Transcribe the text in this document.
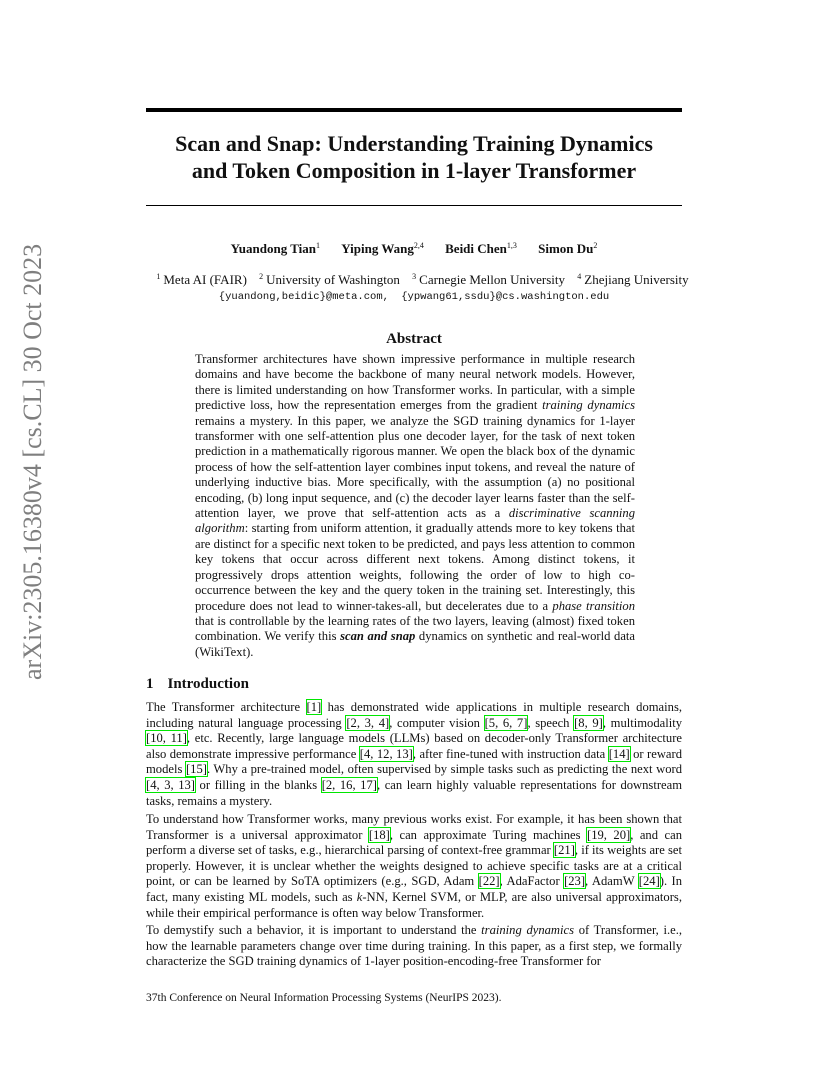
arXiv:2305.16380v4 [cs.CL] 30 Oct 2023
Scan and Snap: Understanding Training Dynamics
and Token Composition in 1-layer Transformer
Yuandong Tian$^1$ Yiping Wang$^{2,4}$ Beidi Chen$^{1,3}$ Simon Du$^2$
$^1$ Meta AI (FAIR) $^2$ University of Washington $^3$ Carnegie Mellon University $^4$ Zhejiang University
{yuandong,beidic}@meta.com, {ypwang61,ssdu}@cs.washington.edu
Abstract
Transformer architectures have shown impressive performance in multiple research domains and have become the backbone of many neural network models. However, there is limited understanding on how Transformer works. In particular, with a simple predictive loss, how the representation emerges from the gradient training dynamics remains a mystery. In this paper, we analyze the SGD training dynamics for 1-layer transformer with one self-attention plus one decoder layer, for the task of next token prediction in a mathematically rigorous manner. We open the black box of the dynamic process of how the self-attention layer combines input tokens, and reveal the nature of underlying inductive bias. More specifically, with the assumption (a) no positional encoding, (b) long input sequence, and (c) the decoder layer learns faster than the self-attention layer, we prove that self-attention acts as a discriminative scanning algorithm: starting from uniform attention, it gradually attends more to key tokens that are distinct for a specific next token to be predicted, and pays less attention to common key tokens that occur across different next tokens. Among distinct tokens, it progressively drops attention weights, following the order of low to high co-occurrence between the key and the query token in the training set. Interestingly, this procedure does not lead to winner-takes-all, but decelerates due to a phase transition that is controllable by the learning rates of the two layers, leaving (almost) fixed token combination. We verify this scan and snap dynamics on synthetic and real-world data (WikiText).
1 Introduction
The Transformer architecture [1] has demonstrated wide applications in multiple research domains, including natural language processing [2, 3, 4], computer vision [5, 6, 7], speech [8, 9], multimodality [10, 11], etc. Recently, large language models (LLMs) based on decoder-only Transformer architecture also demonstrate impressive performance [4, 12, 13], after fine-tuned with instruction data [14] or reward models [15]. Why a pre-trained model, often supervised by simple tasks such as predicting the next word [4, 3, 13] or filling in the blanks [2, 16, 17], can learn highly valuable representations for downstream tasks, remains a mystery.
To understand how Transformer works, many previous works exist. For example, it has been shown that Transformer is a universal approximator [18], can approximate Turing machines [19, 20], and can perform a diverse set of tasks, e.g., hierarchical parsing of context-free grammar [21], if its weights are set properly. However, it is unclear whether the weights designed to achieve specific tasks are at a critical point, or can be learned by SoTA optimizers (e.g., SGD, Adam [22], AdaFactor [23], AdamW [24]). In fact, many existing ML models, such as k-NN, Kernel SVM, or MLP, are also universal approximators, while their empirical performance is often way below Transformer.
To demystify such a behavior, it is important to understand the training dynamics of Transformer, i.e., how the learnable parameters change over time during training. In this paper, as a first step, we formally characterize the SGD training dynamics of 1-layer position-encoding-free Transformer for
37th Conference on Neural Information Processing Systems (NeurIPS 2023).
